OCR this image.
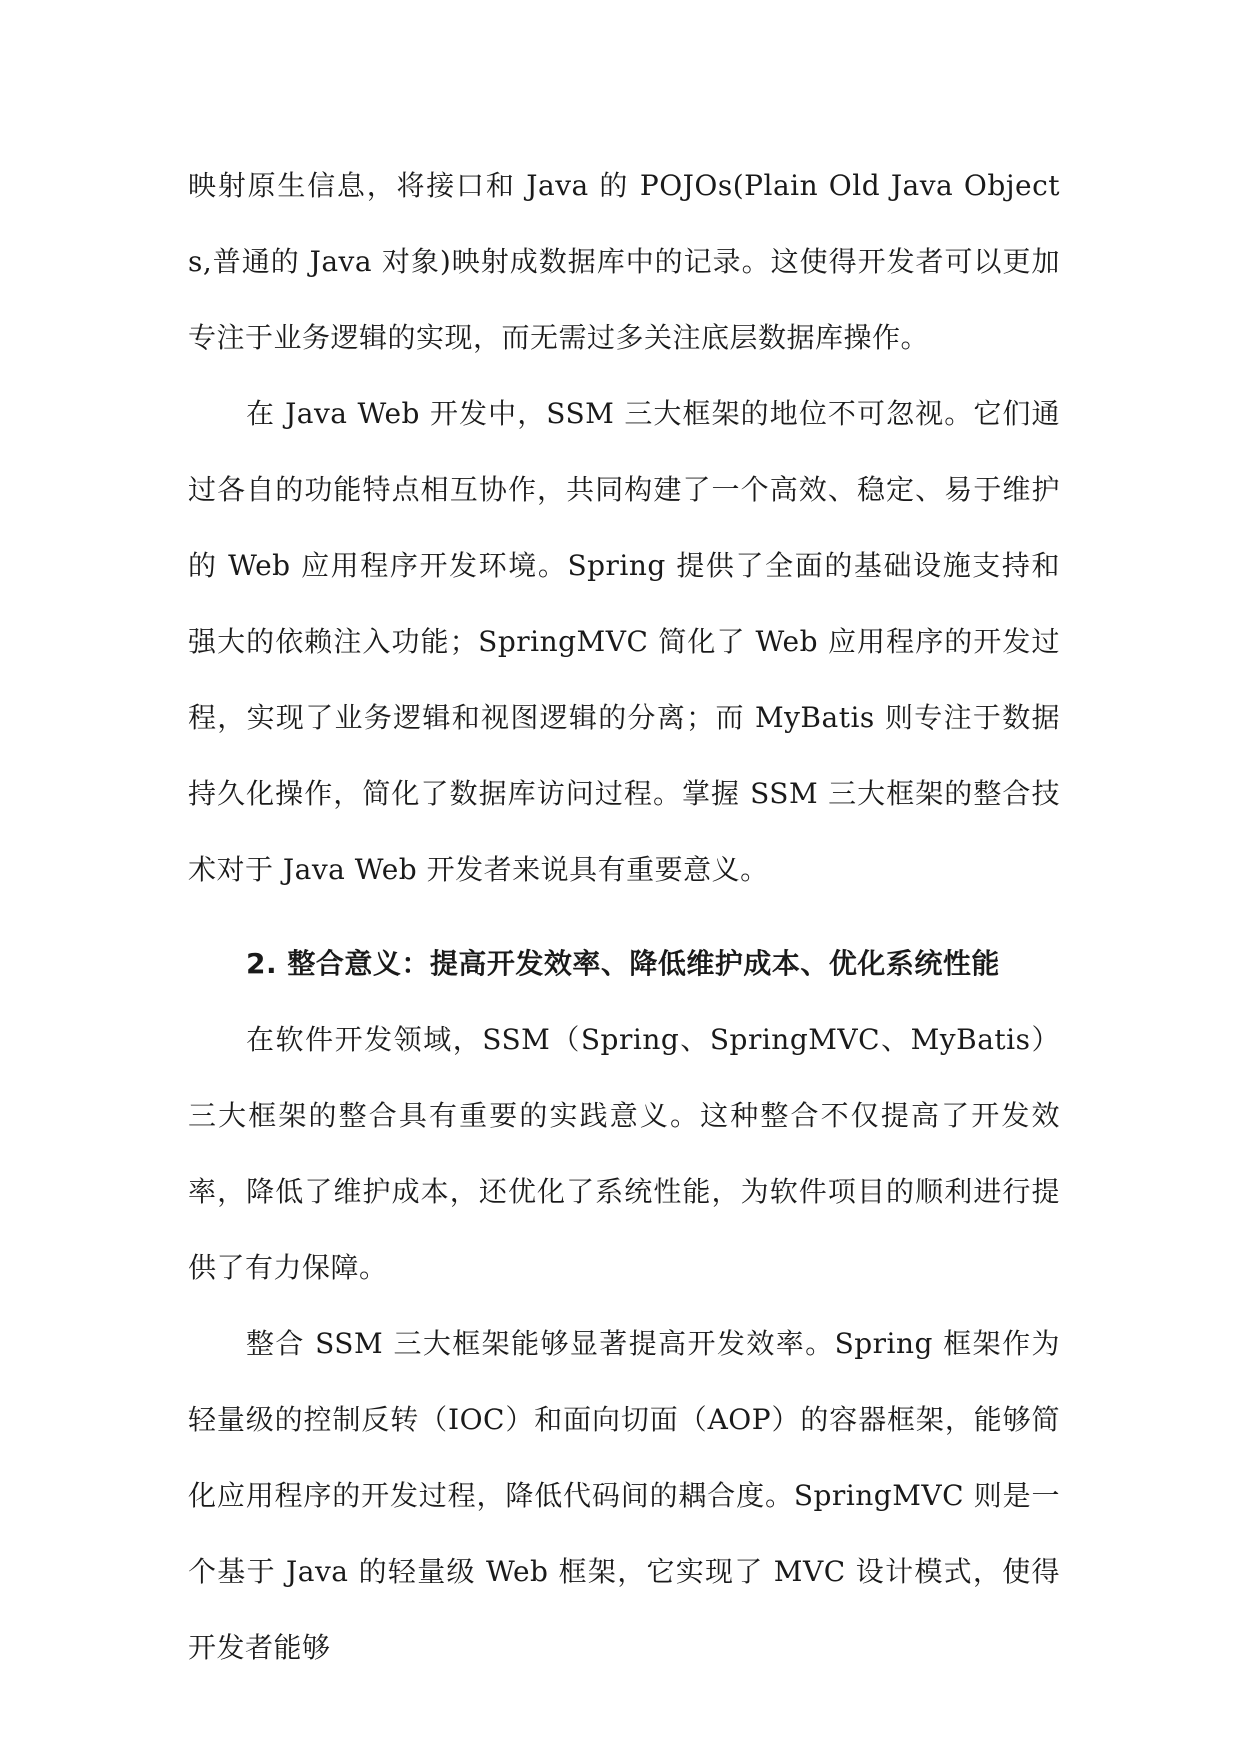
映射原生信息，将接口和 Java 的 POJOs(Plain Old Java Objects,普通的 Java 对象)映射成数据库中的记录。这使得开发者可以更加专注于业务逻辑的实现，而无需过多关注底层数据库操作。

在 Java Web 开发中，SSM 三大框架的地位不可忽视。它们通过各自的功能特点相互协作，共同构建了一个高效、稳定、易于维护的 Web 应用程序开发环境。Spring 提供了全面的基础设施支持和强大的依赖注入功能；SpringMVC 简化了 Web 应用程序的开发过程，实现了业务逻辑和视图逻辑的分离；而 MyBatis 则专注于数据持久化操作，简化了数据库访问过程。掌握 SSM 三大框架的整合技术对于 Java Web 开发者来说具有重要意义。

2. 整合意义：提高开发效率、降低维护成本、优化系统性能

在软件开发领域，SSM（Spring、SpringMVC、MyBatis）三大框架的整合具有重要的实践意义。这种整合不仅提高了开发效率，降低了维护成本，还优化了系统性能，为软件项目的顺利进行提供了有力保障。

整合 SSM 三大框架能够显著提高开发效率。Spring 框架作为轻量级的控制反转（IOC）和面向切面（AOP）的容器框架，能够简化应用程序的开发过程，降低代码间的耦合度。SpringMVC 则是一个基于 Java 的轻量级 Web 框架，它实现了 MVC 设计模式，使得开发者能够
